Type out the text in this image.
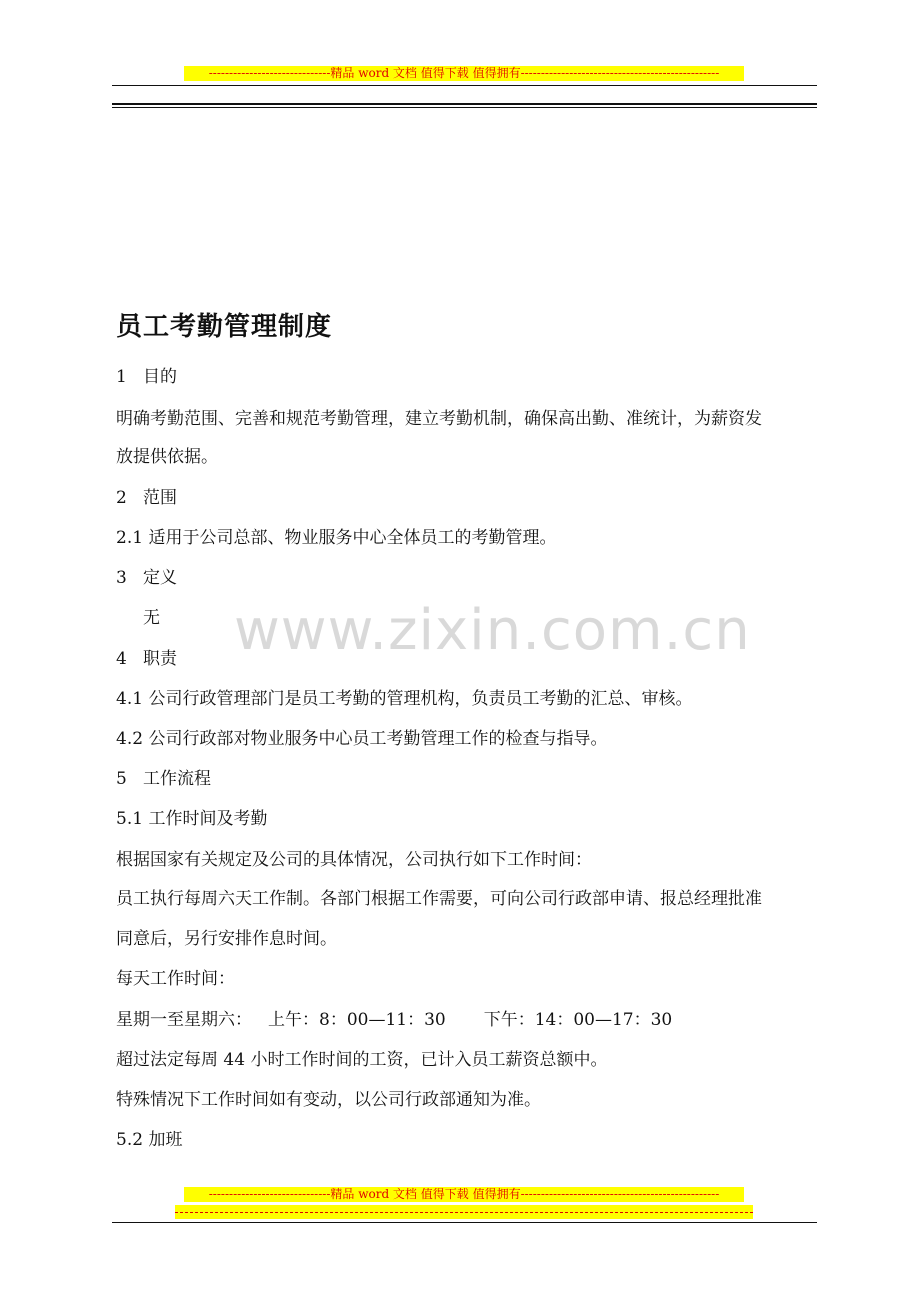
------------------------------精品 word 文档 值得下载 值得拥有-------------------------------------------------
员工考勤管理制度
1 目的
明确考勤范围、完善和规范考勤管理，建立考勤机制，确保高出勤、准统计，为薪资发
放提供依据。
2 范围
2.1 适用于公司总部、物业服务中心全体员工的考勤管理。
3 定义
无 www.zixin.com.cn
4 职责
4.1 公司行政管理部门是员工考勤的管理机构，负责员工考勤的汇总、审核。
4.2 公司行政部对物业服务中心员工考勤管理工作的检查与指导。
5 工作流程
5.1 工作时间及考勤
根据国家有关规定及公司的具体情况，公司执行如下工作时间：
员工执行每周六天工作制。各部门根据工作需要，可向公司行政部申请、报总经理批准
同意后，另行安排作息时间。
每天工作时间：
星期一至星期六： 上午：8：00—11：30 下午：14：00—17：30
超过法定每周 44 小时工作时间的工资，已计入员工薪资总额中。
特殊情况下工作时间如有变动，以公司行政部通知为准。
5.2 加班
------------------------------精品 word 文档 值得下载 值得拥有-------------------------------------------------
